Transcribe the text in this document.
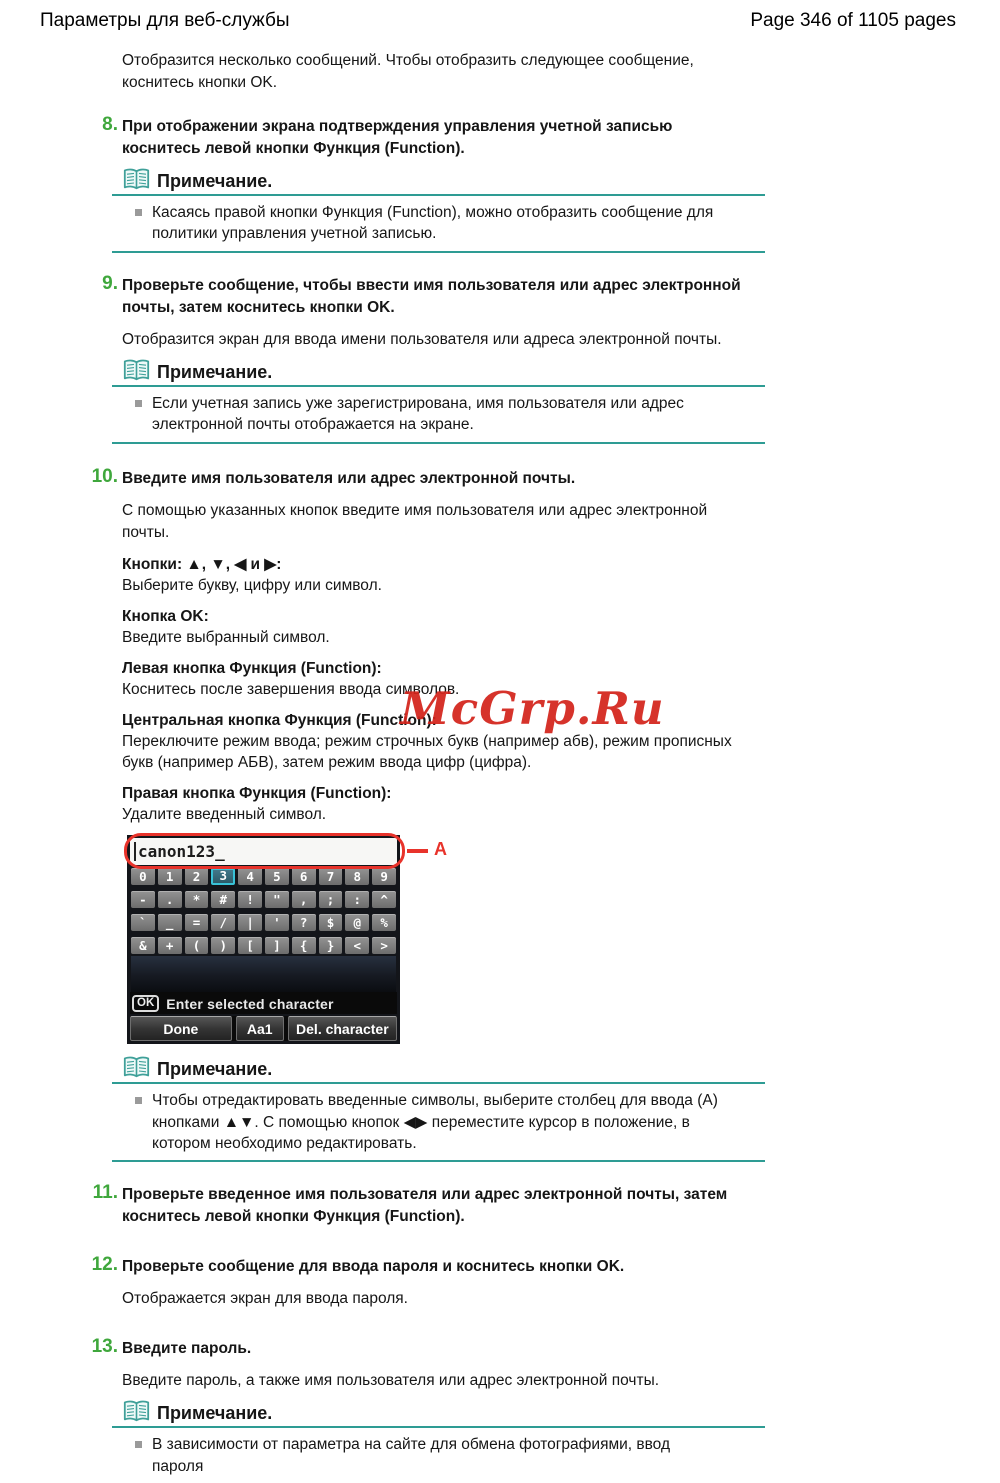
Параметры для веб-службы	Page 346 of 1105 pages
McGrp.Ru

Отобразится несколько сообщений. Чтобы отобразить следующее сообщение, коснитесь кнопки OK.

8. При отображении экрана подтверждения управления учетной записью коснитесь левой кнопки Функция (Function).

Примечание.
Касаясь правой кнопки Функция (Function), можно отобразить сообщение для политики управления учетной записью.
9. Проверьте сообщение, чтобы ввести имя пользователя или адрес электронной почты, затем коснитесь кнопки OK.

Отобразится экран для ввода имени пользователя или адреса электронной почты.

Примечание.
Если учетная запись уже зарегистрирована, имя пользователя или адрес электронной почты отображается на экране.
10. Введите имя пользователя или адрес электронной почты.

С помощью указанных кнопок введите имя пользователя или адрес электронной почты.

Кнопки: ▲, ▼, ◀ и ▶:

Выберите букву, цифру или символ.

Кнопка OK:

Введите выбранный символ.

Левая кнопка Функция (Function):

Коснитесь после завершения ввода символов.

Центральная кнопка Функция (Function):

Переключите режим ввода; режим строчных букв (например абв), режим прописных букв (например АБВ), затем режим ввода цифр (цифра).

Правая кнопка Функция (Function):

Удалите введенный символ.

A
canon123_
0	1	2	3	4	5	6	7	8	9
-	.	*	#	!	"	,	;	:	^
`	_	=	/	|	'	?	$	@	%
&	+	(	)	[	]	{	}	<	>
OK Enter selected character
Done	Aa1	Del. character
Примечание.
Чтобы отредактировать введенные символы, выберите столбец для ввода (A) кнопками ▲▼. С помощью кнопок ◀▶ переместите курсор в положение, в котором необходимо редактировать.
11. Проверьте введенное имя пользователя или адрес электронной почты, затем коснитесь левой кнопки Функция (Function).

12. Проверьте сообщение для ввода пароля и коснитесь кнопки OK.

Отображается экран для ввода пароля.

13. Введите пароль.

Введите пароль, а также имя пользователя или адрес электронной почты.

Примечание.
В зависимости от параметра на сайте для обмена фотографиями, ввод пароля
